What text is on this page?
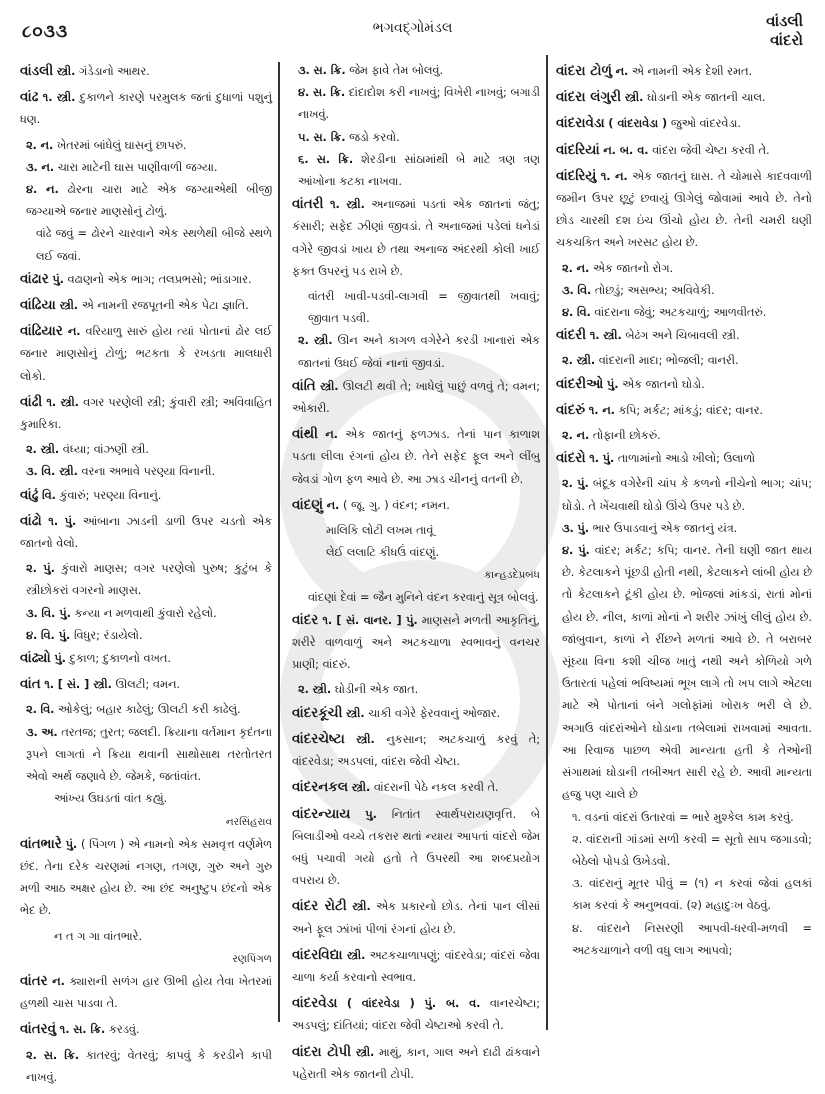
૮૦૩૩	ભગવદ્ગોમંડલ	વાંડલી
વાંદરો
વાંડલી સ્ત્રી. ગંડેડાનો આથર.
વાંઢ ૧. સ્ત્રી. દુકાળને કારણે પરમુલક જતાં દુધાળાં પશુનું ધણ.
૨. ન. ખેતરમાં બાંધેલું ઘાસનું છાપરું.
૩. ન. ચારા માટેની ઘાસ પાણીવાળી જગ્યા.
૪. ન. ઢોરના ચારા માટે એક જગ્યાએથી બીજી જગ્યાએ જનાર માણસોનું ટોળું.
વાંઢે જવું = ઢોરને ચારવાને એક સ્થળેથી બીજે સ્થળે લઈ જવાં.
વાંઢાર પું. વઢાણનો એક ભાગ; તલપ્રભસો; ભાંડાગાર.
વાંઢિયા સ્ત્રી. એ નામની રજપૂતની એક પેટા જ્ઞાતિ.
વાંઢિયાર ન. વરિયાળુ સારું હોય ત્યાં પોતાનાં ઢોર લઈ જનાર માણસોનું ટોળું; ભટકતા કે રખડતા માલધારી લોકો.
વાંઢી ૧. સ્ત્રી. વગર પરણેલી સ્ત્રી; કુંવારી સ્ત્રી; અવિવાહિત કુમારિકા.
૨. સ્ત્રી. વંધ્યા; વાંઝણી સ્ત્રી.
૩. વિ. સ્ત્રી. વરના અભાવે પરણ્યા વિનાની.
વાંઢું વિ. કુંવારું; પરણ્યા વિનાનું.
વાંઢો ૧. પું. આંબાના ઝાડની ડાળી ઉપર ચડતો એક જાતનો વેલો.
૨. પું. કુંવારો માણસ; વગર પરણેલો પુરુષ; કુટુંબ કે સ્ત્રીછોકરાં વગરનો માણસ.
૩. વિ. પું. કન્યા ન મળવાથી કુંવારો રહેલો.
૪. વિ. પું. વિધુર; રંડાયેલો.
વાંઢ્યો પું. દુકાળ; દુકાળનો વખત.
વાંત ૧. [ સં. ] સ્ત્રી. ઊલટી; વમન.
૨. વિ. ઓકેલું; બહાર કાઢેલું; ઊલટી કરી કાઢેલું.
૩. અ. તરતજ; તુરત; જલદી. ક્રિયાના વર્તમાન કૃદંતના રૂપને લાગતાં ને ક્રિયા થવાની સાથોસાથ તરતોતરત એવો અર્થ જણાવે છે. જેમકે, જતાંવાંત.
આંખ્ય ઉઘડતાં વાંત કહ્યું.
નરસિંહરાવ
વાંતભારે પું. ( પિંગળ ) એ નામનો એક સમવૃત્ત વર્ણમેળ છંદ. તેના દરેક ચરણમાં નગણ, તગણ, ગુરુ અને ગુરુ મળી આઠ અક્ષર હોય છે. આ છંદ અનુષ્ટુપ છંદનો એક ભેદ છે.
ન ત ગ ગા વાંતભારે.
રણપિંગળ
વાંતર ન. ક્યારાની સળંગ હાર ઊભી હોય તેવા ખેતરમાં હળથી ચાસ પાડવા તે.
વાંતરવું ૧. સ. ક્રિ. કરડવું.
૨. સ. ક્રિ. કાતરવું; વેતરવું; કાપવું કે કરડીને કાપી નાખવું.
૩. સ. ક્રિ. જેમ ફાવે તેમ બોલવું.
૪. સ. ક્રિ. દાંદાદોશ કરી નાખવું; વિખેરી નાખવું; બગાડી નાખવું.
૫. સ. ક્રિ. જડો કરવો.
૬. સ. ક્રિ. શેરડીના સાંઠામાંથી બે માટે ત્રણ ત્રણ આંખોના કટકા નાખવા.
વાંતરી ૧. સ્ત્રી. અનાજમાં પડતાં એક જાતનાં જંતુ; કંસારી; સફેદ ઝીણાં જીવડાં. તે અનાજમાં પડેલાં ધનેડાં વગેરે જીવડાં ખાય છે તથા અનાજ અંદરથી કોલી ખાઈ ફક્ત ઉપરનું પડ રાખે છે.
વાંતરી ખાવી-પડવી-લાગવી = જીવાતથી ખવાવું; જીવાત પડવી.
૨. સ્ત્રી. ઊન અને કાગળ વગેરેને કરડી ખાનારાં એક જાતનાં ઉધઈ જેવાં નાનાં જીવડાં.
વાંતિ સ્ત્રી. ઊલટી થવી તે; ખાધેલું પાછું વળવું તે; વમન; ઓકારી.
વાંથી ન. એક જાતનું ફળઝાડ. તેનાં પાન કાળાશ પડતા લીલા રંગનાં હોય છે. તેને સફેદ ફૂલ અને લીંબુ જેવડાં ગોળ ફળ આવે છે. આ ઝાડ ચીનનું વતની છે.
વાંદણું ન. ( જૂ. ગુ. ) વંદન; નમન.
માલિકિ લોટી લખમ તાવૂં
લેઈ લલાટિ કીધઉં વાંદણું.
કાન્હડદેપ્રબંધ
વાંદણાં દેવાં = જૈન મુનિને વંદન કરવાનું સૂત્ર બોલવું.
વાંદર ૧. [ સં. વાનર. ] પું. માણસને મળતી આકૃતિનું, શરીરે વાળવાળું અને અટકચાળા સ્વભાવનું વનચર પ્રાણી; વાંદરું.
૨. સ્ત્રી. ઘોડીની એક જાત.
વાંદરકૂંચી સ્ત્રી. ચાકી વગેરે ફેરવવાનું ઓજાર.
વાંદરચેષ્ટા સ્ત્રી. નુકસાન; અટકચાળું કરવું તે; વાંદરવેડા; અડપલાં, વાંદરા જેવી ચેષ્ટા.
વાંદરનકલ સ્ત્રી. વાંદરાની પેઠે નકલ કરવી તે.
વાંદરન્યાય પુ. નિતાંત સ્વાર્થપરાયણવૃત્તિ. બે બિલાડીઓ વચ્ચે તકરાર થતાં ન્યાય આપતાં વાંદરો જેમ બધું પચાવી ગયો હતો તે ઉપરથી આ શબ્દપ્રયોગ વપરાય છે.
વાંદર રોટી સ્ત્રી. એક પ્રકારનો છોડ. તેનાં પાન લીસાં અને ફૂલ ઝાંખાં પીળાં રંગનાં હોય છે.
વાંદરવિદ્યા સ્ત્રી. અટકચાળાપણું; વાંદરવેડા; વાંદરાં જેવા ચાળા કર્યા કરવાનો સ્વભાવ.
વાંદરવેડા ( વાંદરવેડા ) પું. બ. વ. વાનરચેષ્ટા; અડપલું; દાંતિયાં; વાંદરા જેવી ચેષ્ટાઓ કરવી તે.
વાંદરા ટોપી સ્ત્રી. માથું, કાન, ગાલ અને દાઢી ઢાંકવાને પહેરાતી એક જાતની ટોપી.
વાંદરા ટોળું ન. એ નામની એક દેશી રમત.
વાંદરા લંગુરી સ્ત્રી. ઘોડાની એક જાતની ચાલ.
વાંદરાવેડા ( વાંદરાવેડા ) જુઓ વાંદરવેડા.
વાંદરિયાં ન. બ. વ. વાંદરા જેવી ચેષ્ટા કરવી તે.
વાંદરિયું ૧. ન. એક જાતનું ઘાસ. તે ચોમાસે કાદવવાળી જમીન ઉપર છૂટું છવાયું ઊગેલું જોવામાં આવે છે. તેનો છોડ ચારથી દશ ઇંચ ઊંચો હોય છે. તેની ચમરી ઘણી ચકચકિત અને ખરસટ હોય છે.
૨. ન. એક જાતનો રોગ.
૩. વિ. તોછડું; અસભ્ય; અવિવેકી.
૪. વિ. વાંદરાના જેવું; અટકચાળું; આળવીતરું.
વાંદરી ૧. સ્ત્રી. બેઢંગ અને ચિબાવલી સ્ત્રી.
૨. સ્ત્રી. વાંદરાની માદા; ભોજલી; વાનરી.
વાંદરીઓ પું. એક જાતનો ઘોડો.
વાંદરું ૧. ન. કપિ; મર્કટ; માંકડું; વાંદર; વાનર.
૨. ન. તોફાની છોકરું.
વાંદરો ૧. પું. તાળામાંનો આડો ખીલો; ઉલાળો
૨. પું. બંદૂક વગેરેની ચાંપ કે કળનો નીચેનો ભાગ; ચાંપ; ઘોડો. તે ખેંચવાથી ઘોડો ઊંચે ઉપર પડે છે.
૩. પું. ભાર ઉપાડવાનું એક જાતનું યંત્ર.
૪. પું. વાંદર; મર્કટ; કપિ; વાનર. તેની ઘણી જાત થાય છે. કેટલાકને પૂંછડી હોતી નથી, કેટલાકને લાંબી હોય છે તો કેટલાકને ટૂંકી હોય છે. ભોજલાં માંકડાં, રાતાં મોનાં હોય છે. નીલ, કાળાં મોનાં ને શરીર ઝાંખું લીલું હોય છે. જાંબુવાન, કાળાં ને રીંછને મળતાં આવે છે. તે બરાબર સૂંઘ્યા વિના કશી ચીજ ખાતું નથી અને કોળિયો ગળે ઉતારતાં પહેલાં ભવિષ્યમાં ભૂખ લાગે તો ખપ લાગે એટલા માટે એ પોતાનાં બંને ગલોફાંમાં ખોરાક ભરી લે છે. અગાઉ વાંદરાંઓને ઘોડાના તબેલામાં રાખવામાં આવતા. આ રિવાજ પાછળ એવી માન્યતા હતી કે તેઓની સંગાથમાં ઘોડાની તબીઅત સારી રહે છે. આવી માન્યતા હજુ પણ ચાલે છે
૧. વડનાં વાંદરાં ઉતારવાં = ભારે મુશ્કેલ કામ કરવું.
૨. વાંદરાની ગાંડમાં સળી કરવી = સૂતો સાપ જગાડવો; બેઠેલો પોપડો ઉખેડવો.
૩. વાંદરાનું મૂતર પીવું = (૧) ન કરવાં જેવાં હલકાં કામ કરવાં કે અનુભવવાં. (૨) મહાદુઃખ વેઠવું.
૪. વાંદરાને નિસરણી આપવી-ધરવી-મળવી = અટકચાળાને વળી વધુ લાગ આપવો;
